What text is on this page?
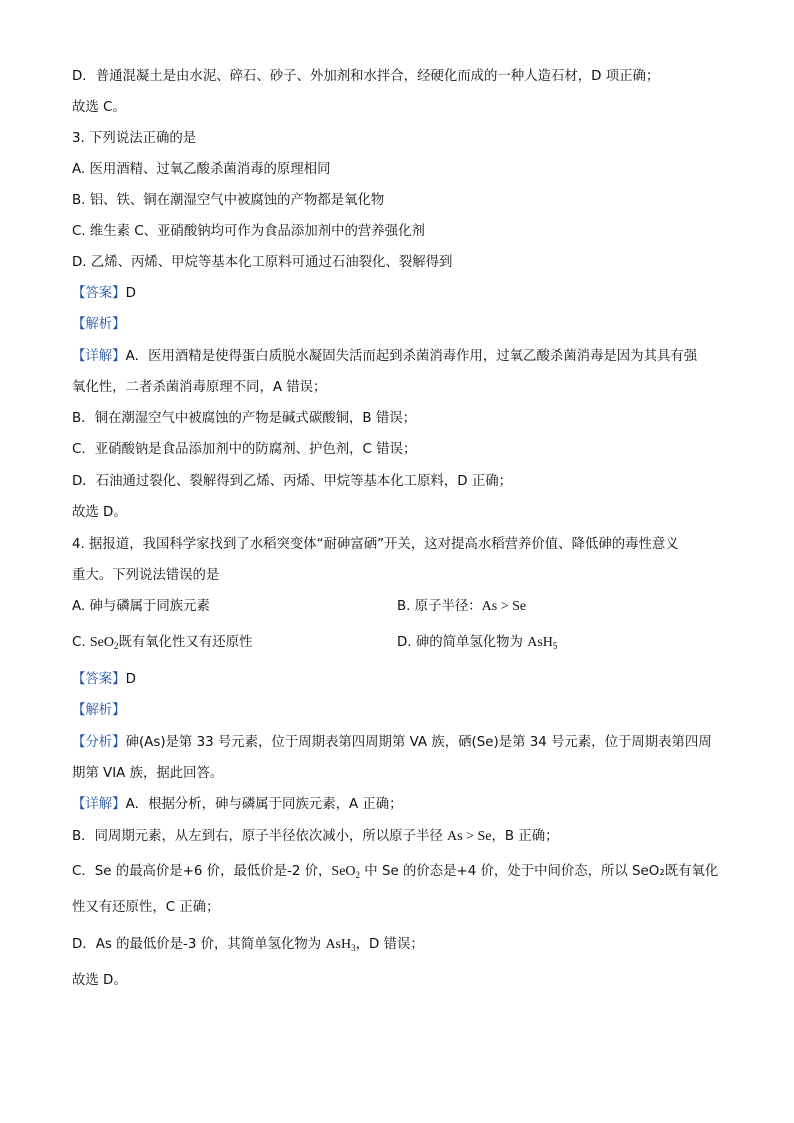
D．普通混凝土是由水泥、碎石、砂子、外加剂和水拌合，经硬化而成的一种人造石材，D 项正确；
故选 C。
3. 下列说法正确的是
A. 医用酒精、过氧乙酸杀菌消毒的原理相同
B. 铝、铁、铜在潮湿空气中被腐蚀的产物都是氧化物
C. 维生素 C、亚硝酸钠均可作为食品添加剂中的营养强化剂
D. 乙烯、丙烯、甲烷等基本化工原料可通过石油裂化、裂解得到
【答案】D
【解析】
【详解】A．医用酒精是使得蛋白质脱水凝固失活而起到杀菌消毒作用，过氧乙酸杀菌消毒是因为其具有强
氧化性，二者杀菌消毒原理不同，A 错误；
B．铜在潮湿空气中被腐蚀的产物是碱式碳酸铜，B 错误；
C．亚硝酸钠是食品添加剂中的防腐剂、护色剂，C 错误；
D．石油通过裂化、裂解得到乙烯、丙烯、甲烷等基本化工原料，D 正确；
故选 D。
4. 据报道，我国科学家找到了水稻突变体“耐砷富硒”开关，这对提高水稻营养价值、降低砷的毒性意义
重大。下列说法错误的是
A. 砷与磷属于同族元素	B. 原子半径：As > Se
C. SeO$_2$既有氧化性又有还原性	D. 砷的简单氢化物为 AsH$_5$
【答案】D
【解析】
【分析】砷(As)是第 33 号元素，位于周期表第四周期第 VA 族，硒(Se)是第 34 号元素，位于周期表第四周
期第 VIA 族，据此回答。
【详解】A．根据分析，砷与磷属于同族元素，A 正确；
B．同周期元素，从左到右，原子半径依次减小，所以原子半径 As > Se，B 正确；
C．Se 的最高价是+6 价，最低价是-2 价，SeO$_2$ 中 Se 的价态是+4 价，处于中间价态，所以 SeO₂既有氧化
性又有还原性，C 正确；
D．As 的最低价是-3 价，其简单氢化物为 AsH$_3$，D 错误；
故选 D。
